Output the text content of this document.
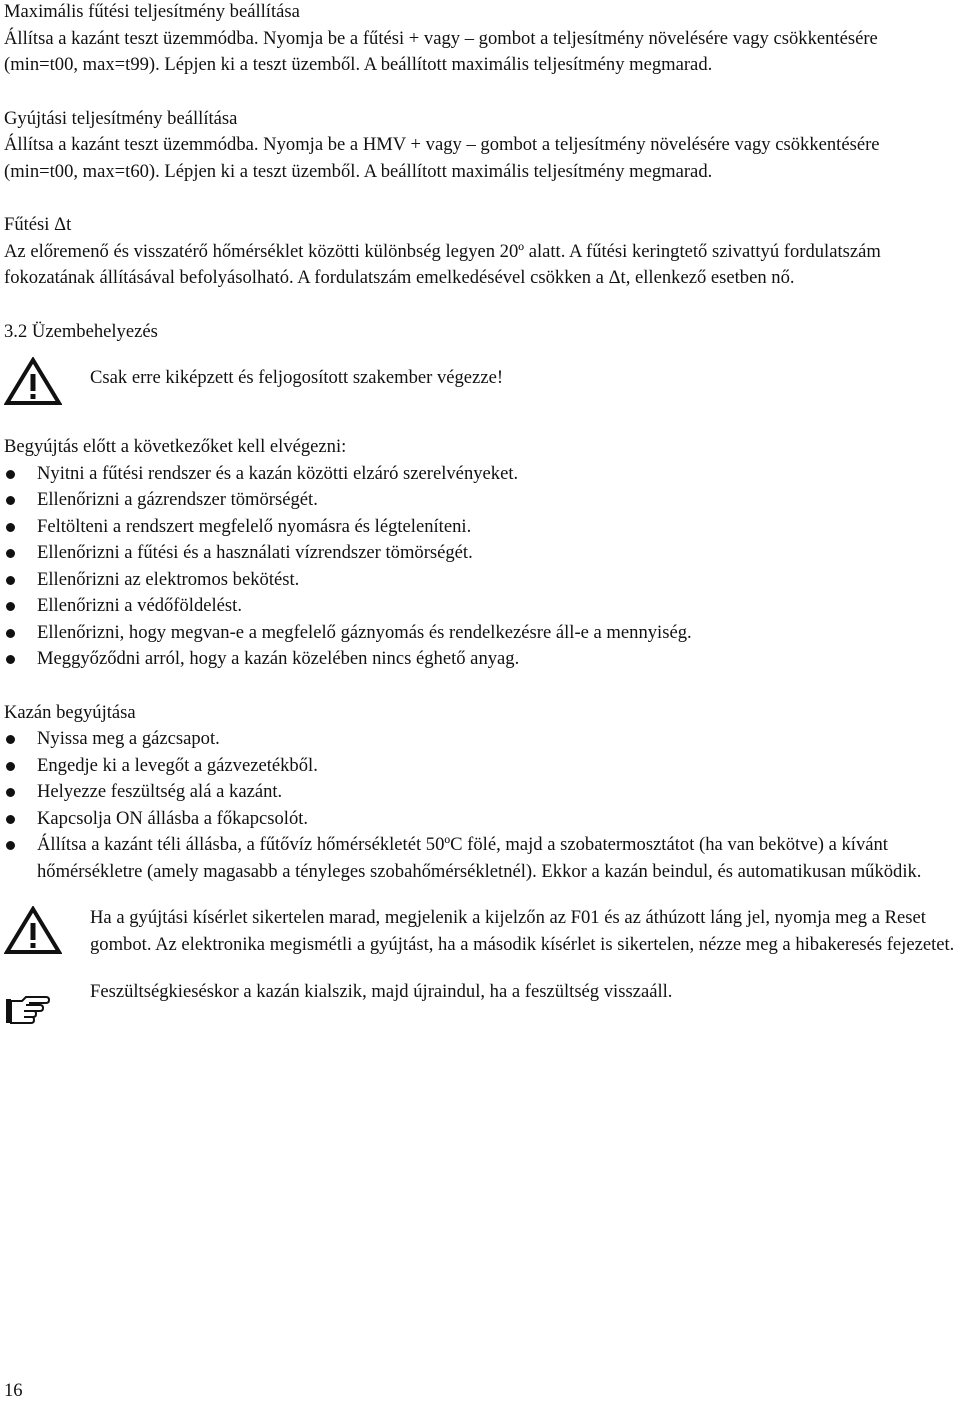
Maximális fűtési teljesítmény beállítása

Állítsa a kazánt teszt üzemmódba. Nyomja be a fűtési + vagy – gombot a teljesítmény növelésére vagy csökkentésére (min=t00, max=t99). Lépjen ki a teszt üzemből. A beállított maximális teljesítmény megmarad.

Gyújtási teljesítmény beállítása

Állítsa a kazánt teszt üzemmódba. Nyomja be a HMV + vagy – gombot a teljesítmény növelésére vagy csökkentésére (min=t00, max=t60). Lépjen ki a teszt üzemből. A beállított maximális teljesítmény megmarad.

Fűtési Δt

Az előremenő és visszatérő hőmérséklet közötti különbség legyen 20º alatt. A fűtési keringtető szivattyú fordulatszám fokozatának állításával befolyásolható. A fordulatszám emelkedésével csökken a Δt, ellenkező esetben nő.

3.2 Üzembehelyezés

Csak erre kiképzett és feljogosított szakember végezze!

Begyújtás előtt a következőket kell elvégezni:

Nyitni a fűtési rendszer és a kazán közötti elzáró szerelvényeket.
Ellenőrizni a gázrendszer tömörségét.
Feltölteni a rendszert megfelelő nyomásra és légteleníteni.
Ellenőrizni a fűtési és a használati vízrendszer tömörségét.
Ellenőrizni az elektromos bekötést.
Ellenőrizni a védőföldelést.
Ellenőrizni, hogy megvan-e a megfelelő gáznyomás és rendelkezésre áll-e a mennyiség.
Meggyőződni arról, hogy a kazán közelében nincs éghető anyag.

Kazán begyújtása

Nyissa meg a gázcsapot.
Engedje ki a levegőt a gázvezetékből.
Helyezze feszültség alá a kazánt.
Kapcsolja ON állásba a főkapcsolót.
Állítsa a kazánt téli állásba, a fűtővíz hőmérsékletét 50ºC fölé, majd a szobatermosztátot (ha van bekötve) a kívánt hőmérsékletre (amely magasabb a tényleges szobahőmérsékletnél). Ekkor a kazán beindul, és automatikusan működik.

Ha a gyújtási kísérlet sikertelen marad, megjelenik a kijelzőn az F01 és az áthúzott láng jel, nyomja meg a Reset gombot. Az elektronika megismétli a gyújtást, ha a második kísérlet is sikertelen, nézze meg a hibakeresés fejezetet.

Feszültségkieséskor a kazán kialszik, majd újraindul, ha a feszültség visszaáll.

16
